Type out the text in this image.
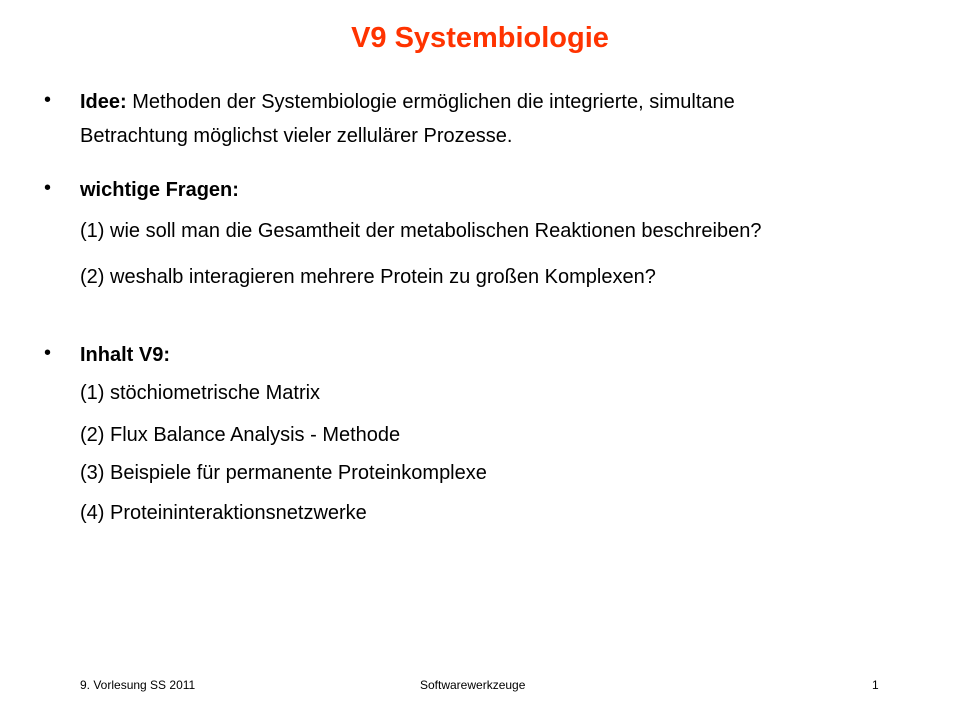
V9 Systembiologie
• Idee: Methoden der Systembiologie ermöglichen die integrierte, simultane
Betrachtung möglichst vieler zellulärer Prozesse.
• wichtige Fragen:
(1) wie soll man die Gesamtheit der metabolischen Reaktionen beschreiben?
(2) weshalb interagieren mehrere Protein zu großen Komplexen?
• Inhalt V9:
(1) stöchiometrische Matrix
(2) Flux Balance Analysis - Methode
(3) Beispiele für permanente Proteinkomplexe
(4) Proteininteraktionsnetzwerke
9. Vorlesung SS 2011	Softwarewerkzeuge	1
